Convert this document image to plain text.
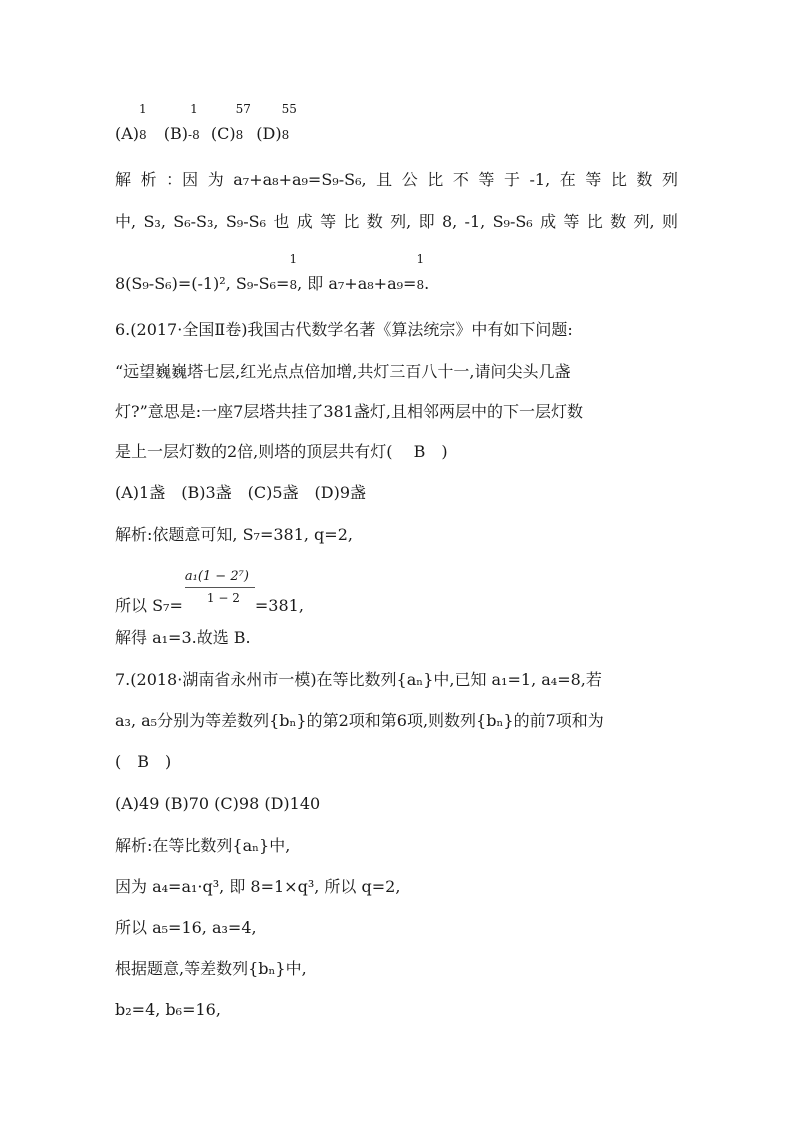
(A)
1
8 (B)
1
-8 (C)
57
8 (D)
55
8
解 析 ：因 为 a₇+a₈+a₉=S₉-S₆, 且 公 比 不 等 于 -1, 在 等 比 数 列
中, S₃, S₆-S₃, S₉-S₆ 也 成 等 比 数 列, 即 8, -1, S₉-S₆ 成 等 比 数 列, 则
8(S₉-S₆)=(-1)², S₉-S₆=
1
8, 即 a₇+a₈+a₉=
1
8.
6.(2017·全国Ⅱ卷)我国古代数学名著《算法统宗》中有如下问题:
“远望巍巍塔七层,红光点点倍加增,共灯三百八十一,请问尖头几盏
灯?”意思是:一座7层塔共挂了381盏灯,且相邻两层中的下一层灯数
是上一层灯数的2倍,则塔的顶层共有灯(　 B　)
(A)1盏　(B)3盏　(C)5盏　(D)9盏
解析:依题意可知, S₇=381, q=2,
所以 $S_7= \frac{\text{a₁(1 − 2⁷)}}{1 - 2} =381$,
解得 a₁=3.故选 B.
7.(2018·湖南省永州市一模)在等比数列{aₙ}中,已知 a₁=1, a₄=8,若
a₃, a₅分别为等差数列{bₙ}的第2项和第6项,则数列{bₙ}的前7项和为
(　B　)
(A)49 (B)70 (C)98 (D)140
解析:在等比数列{aₙ}中,
因为 a₄=a₁·q³, 即 8=1×q³, 所以 q=2,
所以 a₅=16, a₃=4,
根据题意,等差数列{bₙ}中,
b₂=4, b₆=16,
